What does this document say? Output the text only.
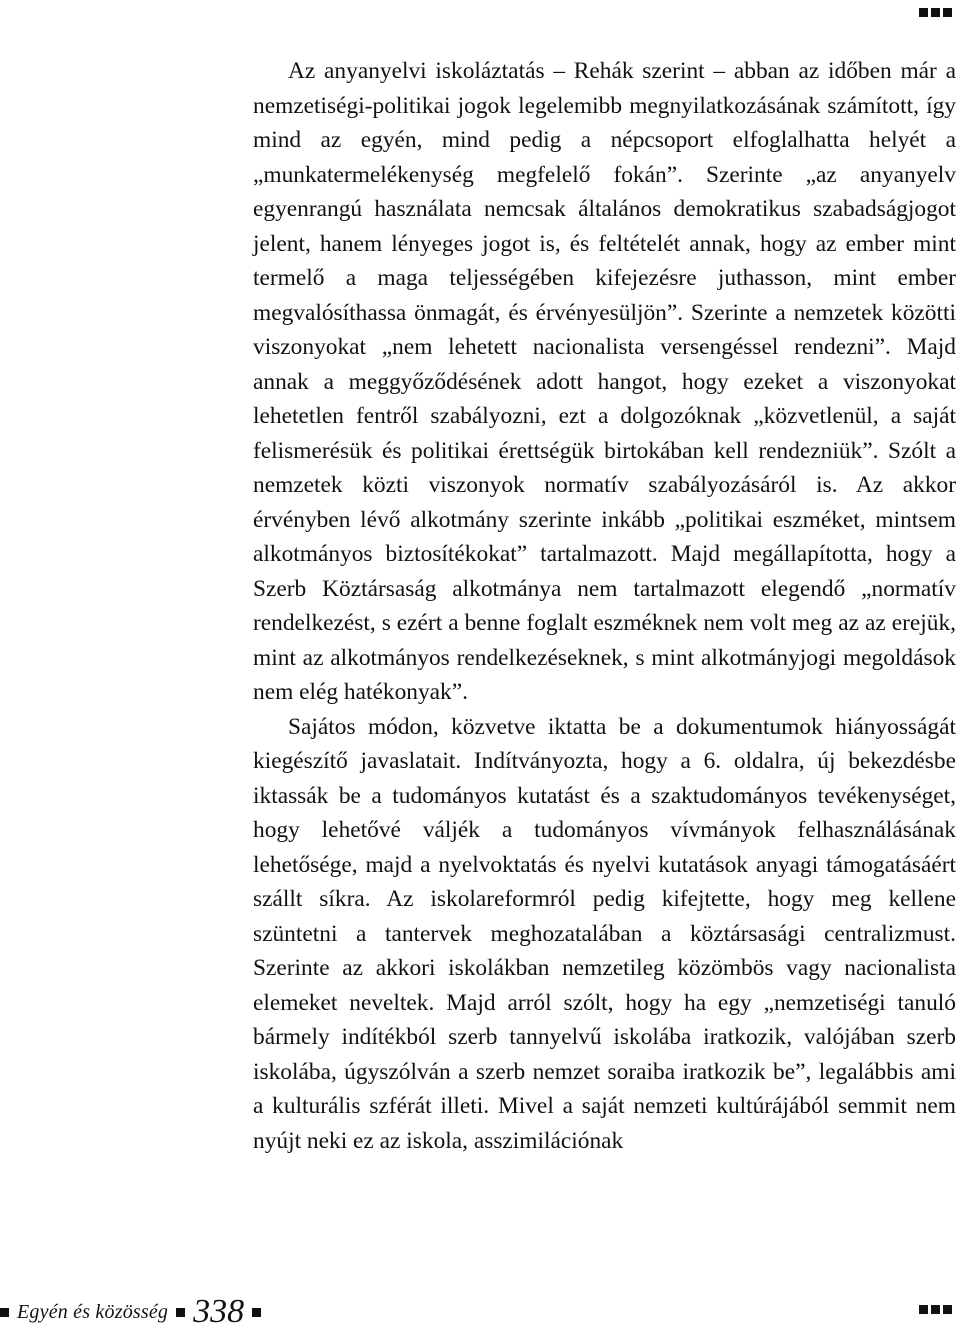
Az anyanyelvi iskoláztatás – Rehák szerint – abban az időben már a nemzetiségi-politikai jogok legelemibb megnyilatkozásának számított, így mind az egyén, mind pedig a népcsoport elfoglalhatta helyét a „munkatermelékenység megfelelő fokán”. Szerinte „az anyanyelv egyenrangú használata nemcsak általános demokratikus szabadságjogot jelent, hanem lényeges jogot is, és feltételét annak, hogy az ember mint termelő a maga teljességében kifejezésre juthasson, mint ember megvalósíthassa önmagát, és érvényesüljön”. Szerinte a nemzetek közötti viszonyokat „nem lehetett nacionalista versengéssel rendezni”. Majd annak a meggyőződésének adott hangot, hogy ezeket a viszonyokat lehetetlen fentről szabályozni, ezt a dolgozóknak „közvetlenül, a saját felismerésük és politikai érettségük birtokában kell rendezniük”. Szólt a nemzetek közti viszonyok normatív szabályozásáról is. Az akkor érvényben lévő alkotmány szerinte inkább „politikai eszméket, mintsem alkotmányos biztosítékokat” tartalmazott. Majd megállapította, hogy a Szerb Köztársaság alkotmánya nem tartalmazott elegendő „normatív rendelkezést, s ezért a benne foglalt eszméknek nem volt meg az az erejük, mint az alkotmányos rendelkezéseknek, s mint alkotmányjogi megoldások nem elég hatékonyak”.

Sajátos módon, közvetve iktatta be a dokumentumok hiányosságát kiegészítő javaslatait. Indítványozta, hogy a 6. oldalra, új bekezdésbe iktassák be a tudományos kutatást és a szaktudományos tevékenységet, hogy lehetővé váljék a tudományos vívmányok felhasználásának lehetősége, majd a nyelvoktatás és nyelvi kutatások anyagi támogatásáért szállt síkra. Az iskolareformról pedig kifejtette, hogy meg kellene szüntetni a tantervek meghozatalában a köztársasági centralizmust. Szerinte az akkori iskolákban nemzetileg közömbös vagy nacionalista elemeket neveltek. Majd arról szólt, hogy ha egy „nemzetiségi tanuló bármely indítékból szerb tannyelvű iskolába iratkozik, valójában szerb iskolába, úgyszólván a szerb nemzet soraiba iratkozik be”, legalábbis ami a kulturális szférát illeti. Mivel a saját nemzeti kultúrájából semmit nem nyújt neki ez az iskola, asszimilációnak

Egyén és közösség 338
